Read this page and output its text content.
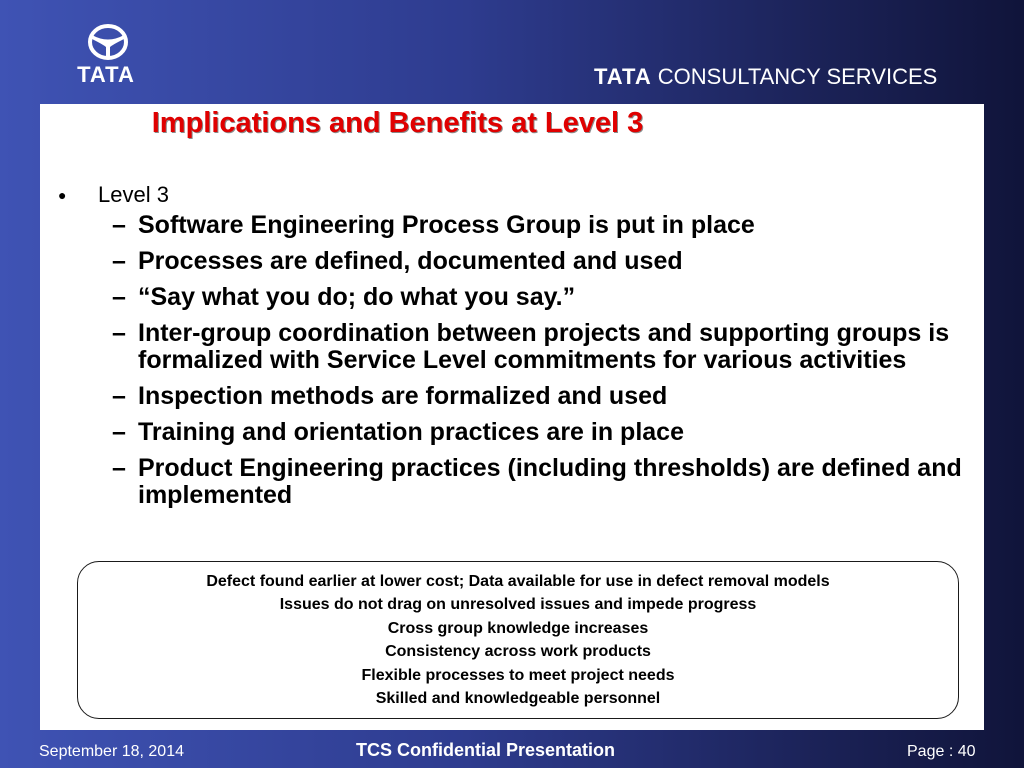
TATA	TATA CONSULTANCY SERVICES
Implications and Benefits at Level 3
● Level 3
– Software Engineering Process Group is put in place
– Processes are defined, documented and used
– “Say what you do; do what you say.”
– Inter-group coordination between projects and supporting groups is formalized with Service Level commitments for various activities
– Inspection methods are formalized and used
– Training and orientation practices are in place
– Product Engineering practices (including thresholds) are defined and implemented
Defect found earlier at lower cost; Data available for use in defect removal models
Issues do not drag on unresolved issues and impede progress
Cross group knowledge increases
Consistency across work products
Flexible processes to meet project needs
Skilled and knowledgeable personnel
September 18, 2014	TCS Confidential Presentation	Page : 40
